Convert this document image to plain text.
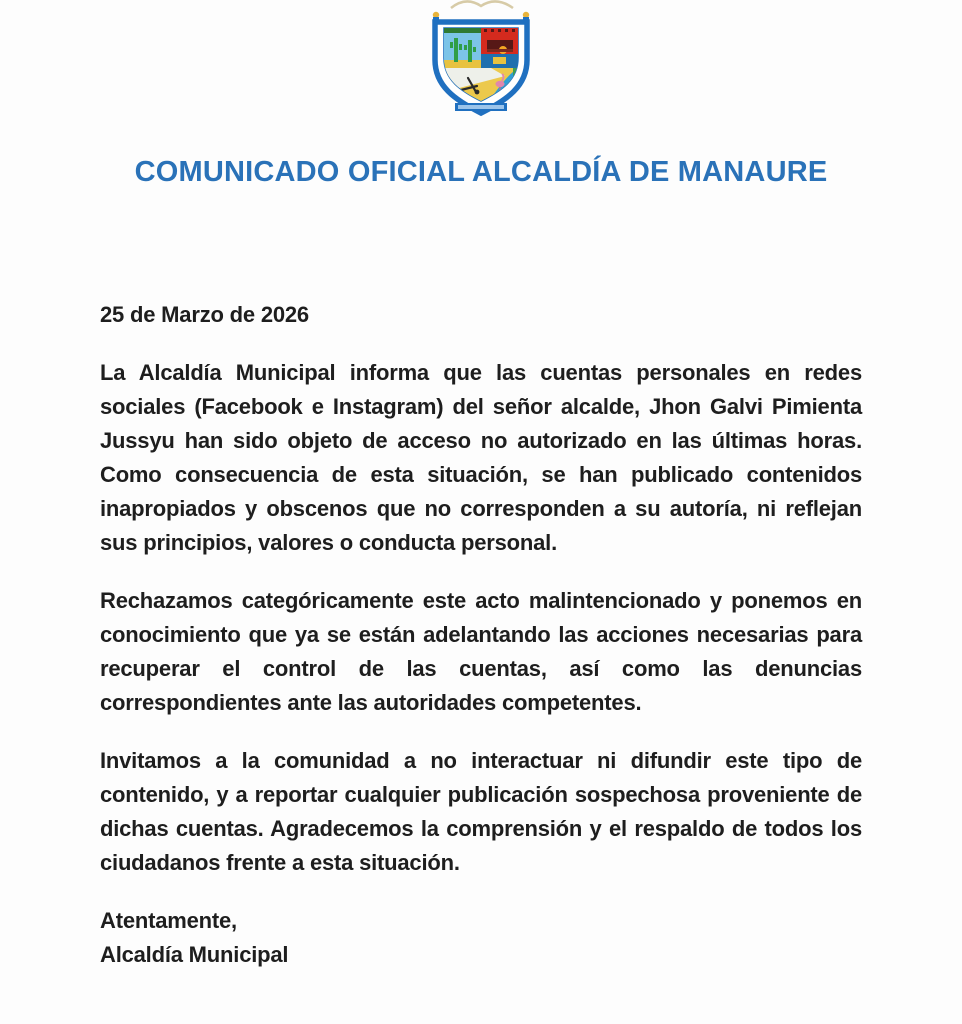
COMUNICADO OFICIAL ALCALDÍA DE MANAURE
25 de Marzo de 2026

La Alcaldía Municipal informa que las cuentas personales en redes sociales (Facebook e Instagram) del señor alcalde, Jhon Galvi Pimienta Jussyu han sido objeto de acceso no autorizado en las últimas horas. Como consecuencia de esta situación, se han publicado contenidos inapropiados y obscenos que no corresponden a su autoría, ni reflejan sus principios, valores o conducta personal.

Rechazamos categóricamente este acto malintencionado y ponemos en conocimiento que ya se están adelantando las acciones necesarias para recuperar el control de las cuentas, así como las denuncias correspondientes ante las autoridades competentes.

Invitamos a la comunidad a no interactuar ni difundir este tipo de contenido, y a reportar cualquier publicación sospechosa proveniente de dichas cuentas. Agradecemos la comprensión y el respaldo de todos los ciudadanos frente a esta situación.

Atentamente,

Alcaldía Municipal
